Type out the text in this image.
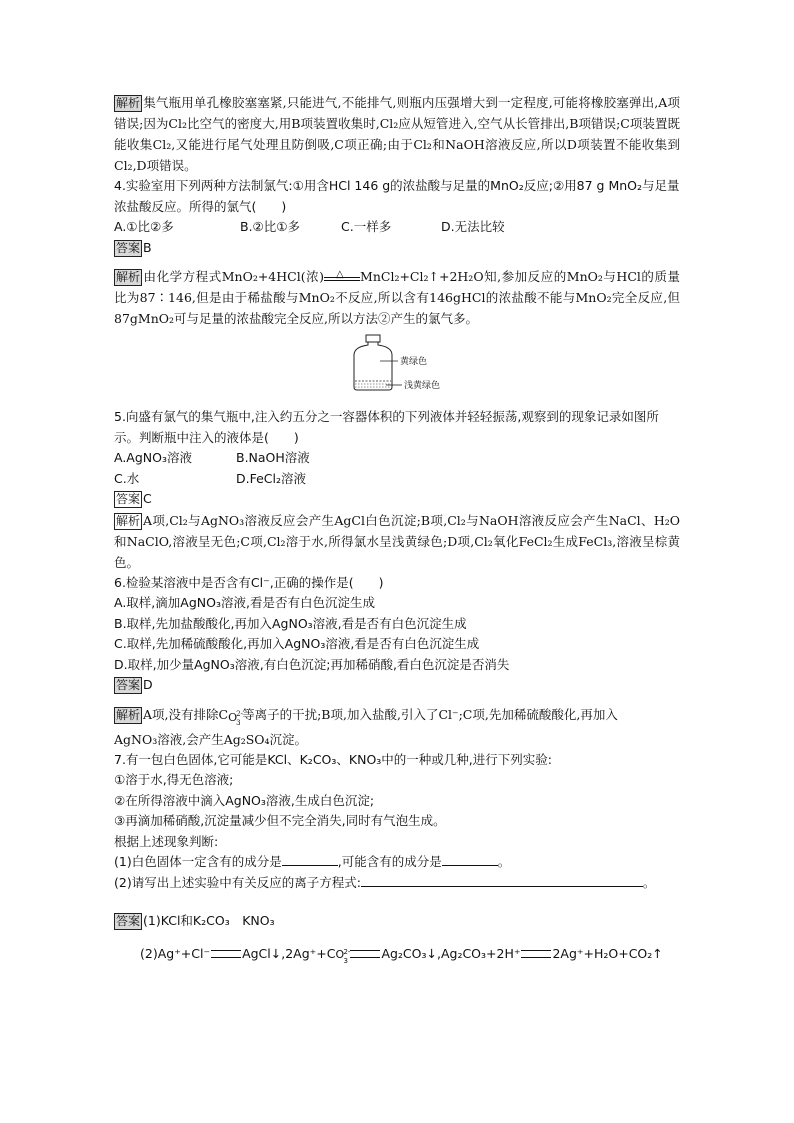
解析 集气瓶用单孔橡胶塞塞紧,只能进气,不能排气,则瓶内压强增大到一定程度,可能将橡胶塞弹出,A项错误;因为Cl₂比空气的密度大,用B项装置收集时,Cl₂应从短管进入,空气从长管排出,B项错误;C项装置既能收集Cl₂,又能进行尾气处理且防倒吸,C项正确;由于Cl₂和NaOH溶液反应,所以D项装置不能收集到Cl₂,D项错误。
4.实验室用下列两种方法制氯气:①用含HCl 146 g的浓盐酸与足量的MnO₂反应;②用87 g MnO₂与足量浓盐酸反应。所得的氯气(　　)
A.①比②多	B.②比①多	C.一样多	D.无法比较
答案 B
解析 由化学方程式MnO₂+4HCl(浓) △ MnCl₂+Cl₂↑+2H₂O知,参加反应的MnO₂与HCl的质量比为87∶146,但是由于稀盐酸与MnO₂不反应,所以含有146gHCl的浓盐酸不能与MnO₂完全反应,但87gMnO₂可与足量的浓盐酸完全反应,所以方法②产生的氯气多。
黄绿色
浅黄绿色
5.向盛有氯气的集气瓶中,注入约五分之一容器体积的下列液体并轻轻振荡,观察到的现象记录如图所示。判断瓶中注入的液体是(　　)
A.AgNO₃溶液	B.NaOH溶液
C.水	D.FeCl₂溶液
答案 C
解析 A项,Cl₂与AgNO₃溶液反应会产生AgCl白色沉淀;B项,Cl₂与NaOH溶液反应会产生NaCl、H₂O和NaClO,溶液呈无色;C项,Cl₂溶于水,所得氯水呈浅黄绿色;D项,Cl₂氧化FeCl₂生成FeCl₃,溶液呈棕黄色。
6.检验某溶液中是否含有Cl⁻,正确的操作是(　　)
A.取样,滴加AgNO₃溶液,看是否有白色沉淀生成
B.取样,先加盐酸酸化,再加入AgNO₃溶液,看是否有白色沉淀生成
C.取样,先加稀硫酸酸化,再加入AgNO₃溶液,看是否有白色沉淀生成
D.取样,加少量AgNO₃溶液,有白色沉淀;再加稀硝酸,看白色沉淀是否消失
答案 D
解析 A项,没有排除C O
2-
3
等离子的干扰;B项,加入盐酸,引入了Cl⁻;C项,先加稀硫酸酸化,再加入
AgNO₃溶液,会产生Ag₂SO₄沉淀。
7.有一包白色固体,它可能是KCl、K₂CO₃、KNO₃中的一种或几种,进行下列实验:
①溶于水,得无色溶液;
②在所得溶液中滴入AgNO₃溶液,生成白色沉淀;
③再滴加稀硝酸,沉淀量减少但不完全消失,同时有气泡生成。
根据上述现象判断:
(1)白色固体一定含有的成分是	,可能含有的成分是	。
(2)请写出上述实验中有关反应的离子方程式:	。
答案 (1)KCl和K₂CO₃　KNO₃
(2)Ag⁺+Cl⁻	AgCl↓,2Ag⁺+C O 2-
3	Ag₂CO₃↓,Ag₂CO₃+2H⁺	2Ag⁺+H₂O+CO₂↑
